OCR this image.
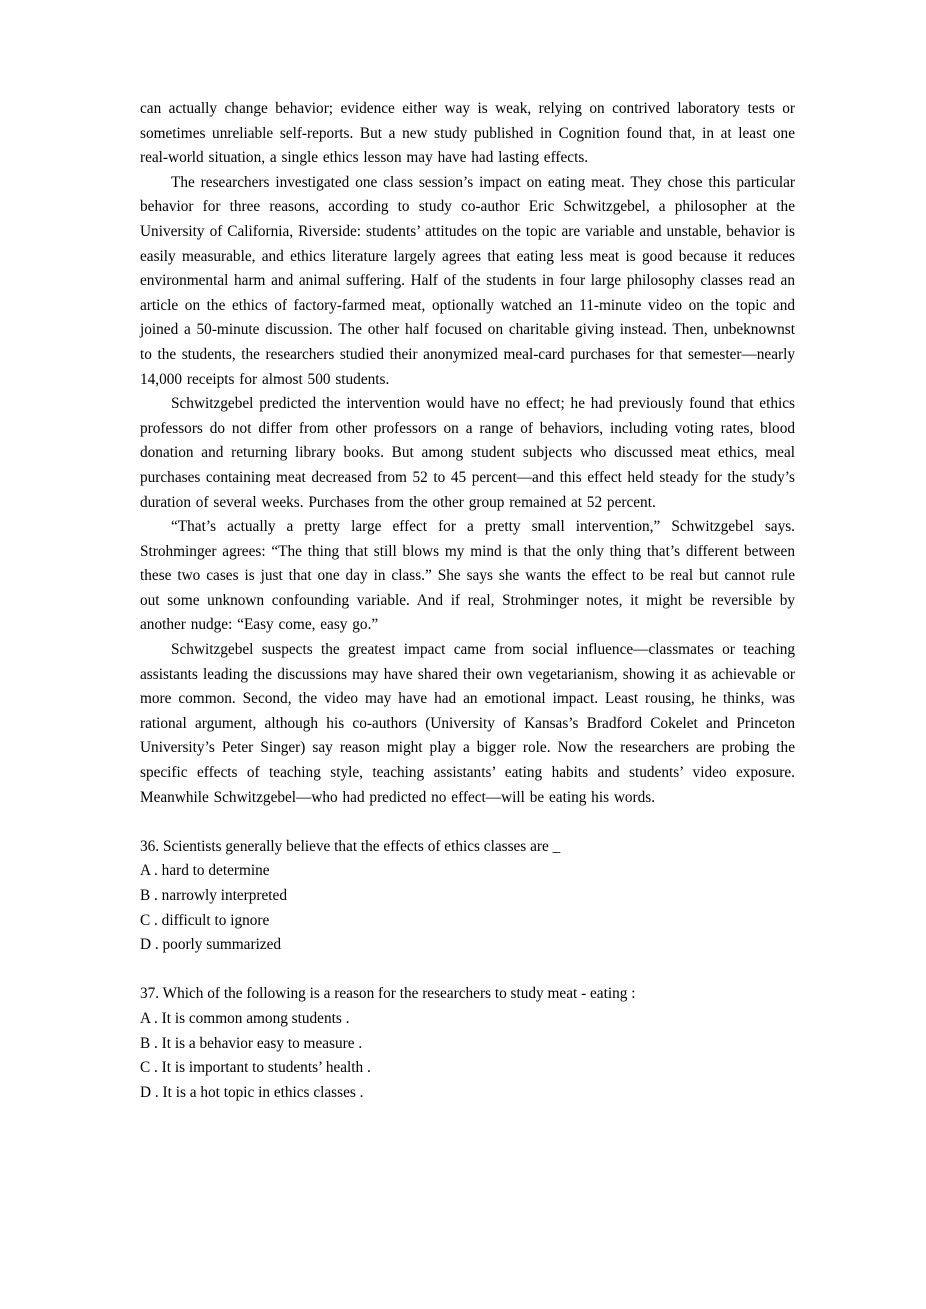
can actually change behavior; evidence either way is weak, relying on contrived laboratory tests or sometimes unreliable self-reports. But a new study published in Cognition found that, in at least one real-world situation, a single ethics lesson may have had lasting effects.

The researchers investigated one class session’s impact on eating meat. They chose this particular behavior for three reasons, according to study co-author Eric Schwitzgebel, a philosopher at the University of California, Riverside: students’ attitudes on the topic are variable and unstable, behavior is easily measurable, and ethics literature largely agrees that eating less meat is good because it reduces environmental harm and animal suffering. Half of the students in four large philosophy classes read an article on the ethics of factory-farmed meat, optionally watched an 11-minute video on the topic and joined a 50-minute discussion. The other half focused on charitable giving instead. Then, unbeknownst to the students, the researchers studied their anonymized meal-card purchases for that semester—nearly 14,000 receipts for almost 500 students.

Schwitzgebel predicted the intervention would have no effect; he had previously found that ethics professors do not differ from other professors on a range of behaviors, including voting rates, blood donation and returning library books. But among student subjects who discussed meat ethics, meal purchases containing meat decreased from 52 to 45 percent—and this effect held steady for the study’s duration of several weeks. Purchases from the other group remained at 52 percent.

“That’s actually a pretty large effect for a pretty small intervention,” Schwitzgebel says. Strohminger agrees: “The thing that still blows my mind is that the only thing that’s different between these two cases is just that one day in class.” She says she wants the effect to be real but cannot rule out some unknown confounding variable. And if real, Strohminger notes, it might be reversible by another nudge: “Easy come, easy go.”

Schwitzgebel suspects the greatest impact came from social influence—classmates or teaching assistants leading the discussions may have shared their own vegetarianism, showing it as achievable or more common. Second, the video may have had an emotional impact. Least rousing, he thinks, was rational argument, although his co-authors (University of Kansas’s Bradford Cokelet and Princeton University’s Peter Singer) say reason might play a bigger role. Now the researchers are probing the specific effects of teaching style, teaching assistants’ eating habits and students’ video exposure. Meanwhile Schwitzgebel—who had predicted no effect—will be eating his words.

36. Scientists generally believe that the effects of ethics classes are _

A . hard to determine

B . narrowly interpreted

C . difficult to ignore

D . poorly summarized

37. Which of the following is a reason for the researchers to study meat - eating :

A . It is common among students .

B . It is a behavior easy to measure .

C . It is important to students’ health .

D . It is a hot topic in ethics classes .
